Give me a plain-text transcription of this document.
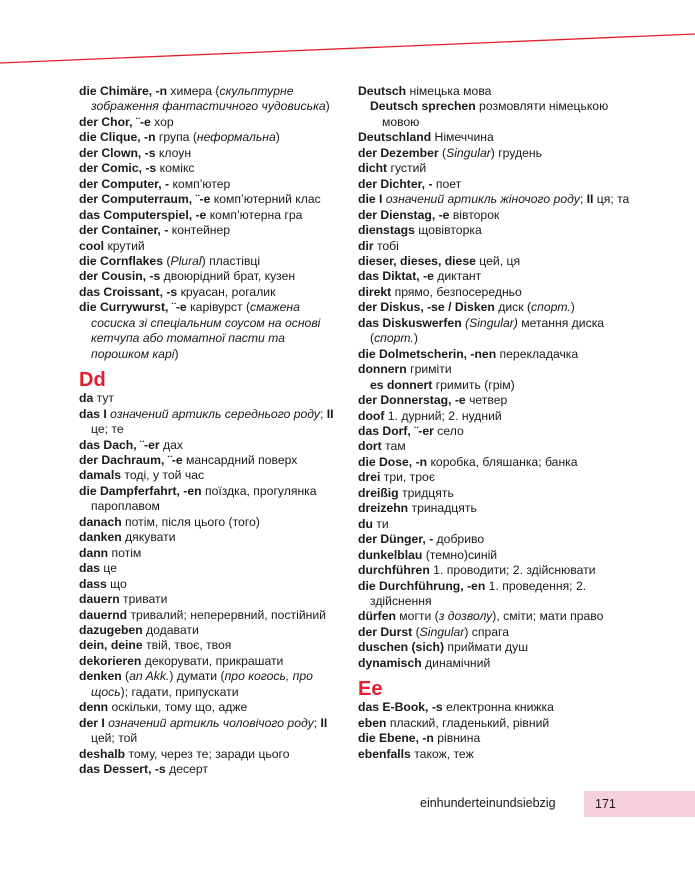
die Chimäre, -n химера (скульптурне зображення фантастичного чудовиська)
der Chor, ¨-e хор
die Clique, -n група (неформальна)
der Clown, -s клоун
der Comic, -s комікс
der Computer, - комп’ютер
der Computerraum, ¨-e комп’ютерний клас
das Computerspiel, -e комп’ютерна гра
der Container, - контейнер
cool крутий
die Cornflakes (Plural) пластівці
der Cousin, -s двоюрідний брат, кузен
das Croissant, -s круасан, рогалик
die Currywurst, ¨-e карівурст (смажена сосиска зі спеціальним соусом на основі кетчупа або томатної пасти та порошком карі)
Dd
da тут
das I означений артикль середнього роду; II це; те
das Dach, ¨-er дах
der Dachraum, ¨-e мансардний поверх
damals тоді, у той час
die Dampferfahrt, -en поїздка, прогулянка пароплавом
danach потім, після цього (того)
danken дякувати
dann потім
das це
dass що
dauern тривати
dauernd тривалий; неперервний, постійний
dazugeben додавати
dein, deine твій, твоє, твоя
dekorieren декорувати, прикрашати
denken (an Akk.) думати (про когось, про щось); гадати, припускати
denn оскільки, тому що, адже
der I означений артикль чоловічого роду; II цей; той
deshalb тому, через те; заради цього
das Dessert, -s десерт
Deutsch німецька мова
Deutsch sprechen розмовляти німецькою мовою
Deutschland Німеччина
der Dezember (Singular) грудень
dicht густий
der Dichter, - поет
die I означений артикль жіночого роду; II ця; та
der Dienstag, -e вівторок
dienstags щовівторка
dir тобі
dieser, dieses, diese цей, ця
das Diktat, -e диктант
direkt прямо, безпосередньо
der Diskus, -se / Disken диск (спорт.)
das Diskuswerfen (Singular) метання диска (спорт.)
die Dolmetscherin, -nen перекладачка
donnern гриміти
es donnert гримить (грім)
der Donnerstag, -e четвер
doof 1. дурний; 2. нудний
das Dorf, ¨-er село
dort там
die Dose, -n коробка, бляшанка; банка
drei три, троє
dreißig тридцять
dreizehn тринадцять
du ти
der Dünger, - добриво
dunkelblau (темно)синій
durchführen 1. проводити; 2. здійснювати
die Durchführung, -en 1. проведення; 2. здійснення
dürfen могти (з дозволу), сміти; мати право
der Durst (Singular) спрага
duschen (sich) приймати душ
dynamisch динамічний
Ee
das E-Book, -s електронна книжка
eben плаский, гладенький, рівний
die Ebene, -n рівнина
ebenfalls також, теж
einhunderteinundsiebzig	171
